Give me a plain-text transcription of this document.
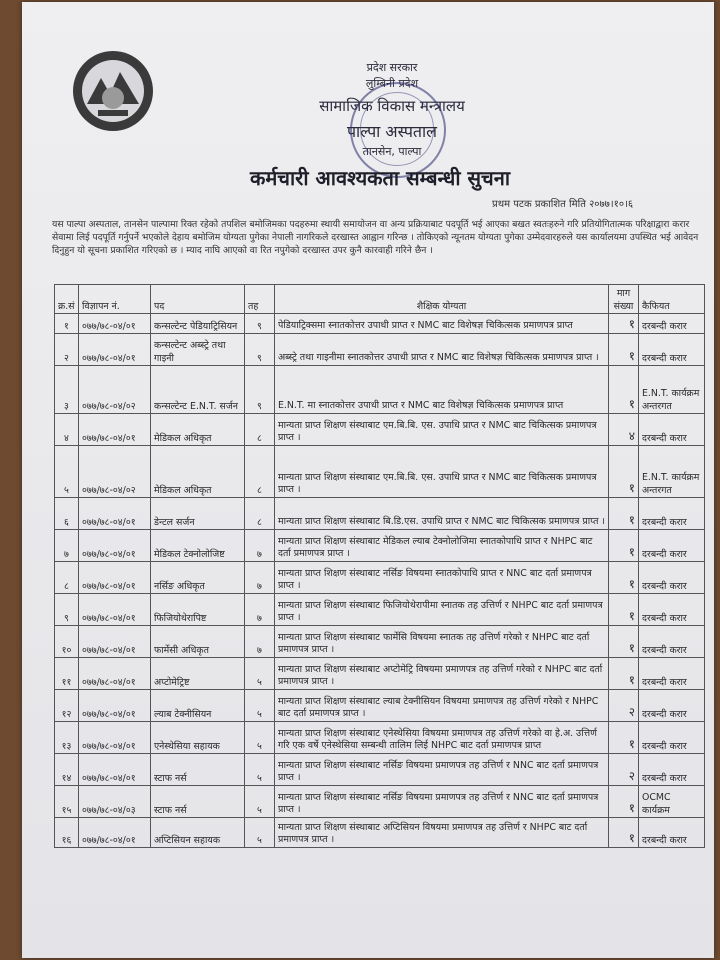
प्रदेश सरकार
लुम्बिनी प्रदेश
सामाजिक विकास मन्त्रालय
पाल्पा अस्पताल
तानसेन, पाल्पा
कर्मचारी आवश्यकता सम्बन्धी सुचना
प्रथम पटक प्रकाशित मिति २०७७।१०।६
यस पाल्पा अस्पताल, तानसेन पाल्पामा रिक्त रहेको तपशिल बमोजिमका पदहरुमा स्थायी समायोजन वा अन्य प्रक्रियाबाट पदपूर्ति भई आएका बखत स्वतःहरुने गरि प्रतियोगितात्मक परिक्षाद्वारा करार सेवामा लिई पदपूर्ति गर्नुपर्ने भएकोले देहाय बमोजिम योग्यता पुगेका नेपाली नागरिकले दरखास्त आह्वान गरिन्छ । तोकिएको न्यूनतम योग्यता पुगेका उम्मेदवारहरुले यस कार्यालयमा उपस्थित भई आवेदन दिनुहुन यो सूचना प्रकाशित गरिएको छ । म्याद नाघि आएको वा रित नपुगेको दरखास्त उपर कुनै कारवाही गरिने छैन ।
क्र.सं	विज्ञापन नं.	पद	तह	शैक्षिक योग्यता	माग संख्या	कैफियत
१	०७७/७८-०४/०१	कन्सल्टेन्ट पेडियाट्रिसियन	९	पेडियाट्रिक्समा स्नातकोत्तर उपाधी प्राप्त र NMC बाट विशेषज्ञ चिकित्सक प्रमाणपत्र प्राप्त	१	दरबन्दी करार
२	०७७/७८-०४/०१	कन्सल्टेन्ट अब्स्ट्रे तथा गाइनी	९	अब्स्ट्रे तथा गाइनीमा स्नातकोत्तर उपाधी प्राप्त र NMC बाट विशेषज्ञ चिकित्सक प्रमाणपत्र प्राप्त ।	१	दरबन्दी करार
३	०७७/७८-०४/०२	कन्सल्टेन्ट E.N.T. सर्जन	९	E.N.T. मा स्नातकोत्तर उपाधी प्राप्त र NMC बाट विशेषज्ञ चिकित्सक प्रमाणपत्र प्राप्त	१	E.N.T. कार्यक्रम अन्तरगत
४	०७७/७८-०४/०१	मेडिकल अधिकृत	८	मान्यता प्राप्त शिक्षण संस्थाबाट एम.बि.बि. एस. उपाधि प्राप्त र NMC बाट चिकित्सक प्रमाणपत्र प्राप्त ।	४	दरबन्दी करार
५	०७७/७८-०४/०२	मेडिकल अधिकृत	८	मान्यता प्राप्त शिक्षण संस्थाबाट एम.बि.बि. एस. उपाधि प्राप्त र NMC बाट चिकित्सक प्रमाणपत्र प्राप्त ।	१	E.N.T. कार्यक्रम अन्तरगत
६	०७७/७८-०४/०१	डेन्टल सर्जन	८	मान्यता प्राप्त शिक्षण संस्थाबाट बि.डि.एस. उपाधि प्राप्त र NMC बाट चिकित्सक प्रमाणपत्र प्राप्त ।	१	दरबन्दी करार
७	०७७/७८-०४/०१	मेडिकल टेक्नोलोजिष्ट	७	मान्यता प्राप्त शिक्षण संस्थाबाट मेडिकल ल्याब टेक्नोलोजिमा स्नातकोपाधि प्राप्त र NHPC बाट दर्ता प्रमाणपत्र प्राप्त ।	१	दरबन्दी करार
८	०७७/७८-०४/०१	नर्सिङ अधिकृत	७	मान्यता प्राप्त शिक्षण संस्थाबाट नर्सिङ विषयमा स्नातकोपाधि प्राप्त र NNC बाट दर्ता प्रमाणपत्र प्राप्त ।	१	दरबन्दी करार
९	०७७/७८-०४/०१	फिजियोथेरापिष्ट	७	मान्यता प्राप्त शिक्षण संस्थाबाट फिजियोथेरापीमा स्नातक तह उत्तिर्ण र NHPC बाट दर्ता प्रमाणपत्र प्राप्त ।	१	दरबन्दी करार
१०	०७७/७८-०४/०१	फार्मेसी अधिकृत	७	मान्यता प्राप्त शिक्षण संस्थाबाट फार्मेसि विषयमा स्नातक तह उत्तिर्ण गरेको र NHPC बाट दर्ता प्रमाणपत्र प्राप्त ।	१	दरबन्दी करार
११	०७७/७८-०४/०१	अप्टोमेट्रिष्ट	५	मान्यता प्राप्त शिक्षण संस्थाबाट अप्टोमेट्रि विषयमा प्रमाणपत्र तह उत्तिर्ण गरेको र NHPC बाट दर्ता प्रमाणपत्र प्राप्त ।	१	दरबन्दी करार
१२	०७७/७८-०४/०१	ल्याब टेक्नीसियन	५	मान्यता प्राप्त शिक्षण संस्थाबाट ल्याब टेक्नीसियन विषयमा प्रमाणपत्र तह उत्तिर्ण गरेको र NHPC बाट दर्ता प्रमाणपत्र प्राप्त ।	२	दरबन्दी करार
१३	०७७/७८-०४/०१	एनेस्थेसिया सहायक	५	मान्यता प्राप्त शिक्षण संस्थाबाट एनेस्थेसिया विषयमा प्रमाणपत्र तह उत्तिर्ण गरेको वा हे.अ. उत्तिर्ण गरि एक वर्षे एनेस्थेसिया सम्बन्धी तालिम लिई NHPC बाट दर्ता प्रमाणपत्र प्राप्त	१	दरबन्दी करार
१४	०७७/७८-०४/०१	स्टाफ नर्स	५	मान्यता प्राप्त शिक्षण संस्थाबाट नर्सिङ विषयमा प्रमाणपत्र तह उत्तिर्ण र NNC बाट दर्ता प्रमाणपत्र प्राप्त ।	२	दरबन्दी करार
१५	०७७/७८-०४/०३	स्टाफ नर्स	५	मान्यता प्राप्त शिक्षण संस्थाबाट नर्सिङ विषयमा प्रमाणपत्र तह उत्तिर्ण र NNC बाट दर्ता प्रमाणपत्र प्राप्त ।	१	OCMC कार्यक्रम
१६	०७७/७८-०४/०१	अप्टिसियन सहायक	५	मान्यता प्राप्त शिक्षण संस्थाबाट अप्टिसियन विषयमा प्रमाणपत्र तह उत्तिर्ण र NHPC बाट दर्ता प्रमाणपत्र प्राप्त ।	१	दरबन्दी करार
